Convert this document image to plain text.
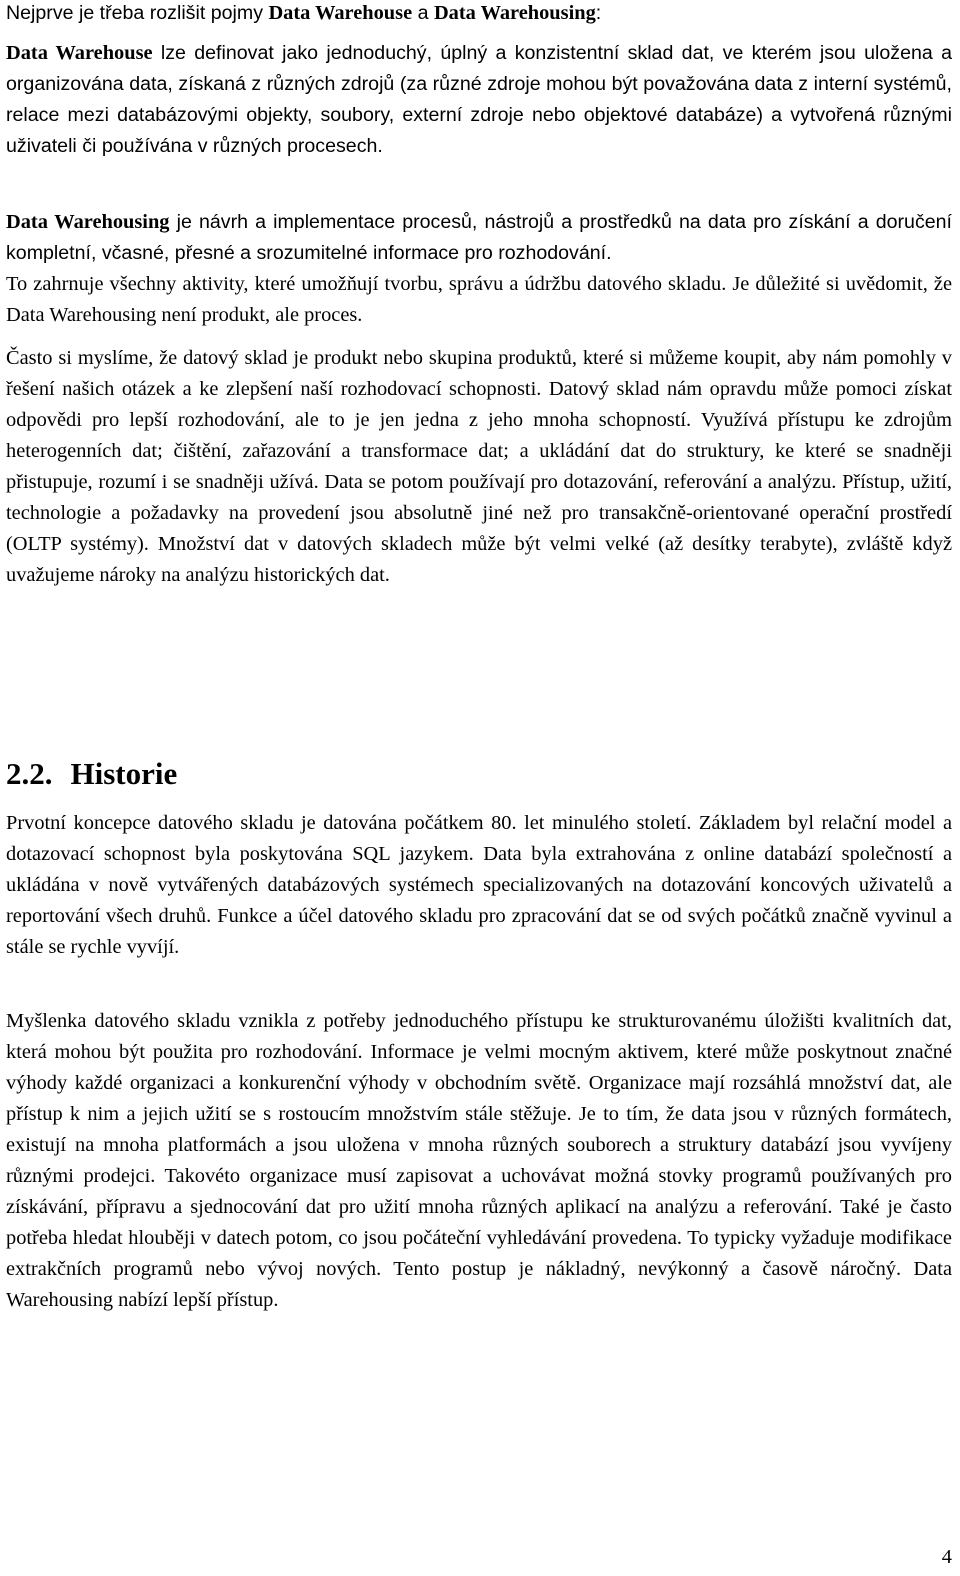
Nejprve je třeba rozlišit pojmy Data Warehouse a Data Warehousing:

Data Warehouse lze definovat jako jednoduchý, úplný a konzistentní sklad dat, ve kterém jsou uložena a organizována data, získaná z různých zdrojů (za různé zdroje mohou být považována data z interní systémů, relace mezi databázovými objekty, soubory, externí zdroje nebo objektové databáze) a vytvořená různými uživateli či používána v různých procesech.

Data Warehousing je návrh a implementace procesů, nástrojů a prostředků na data pro získání a doručení kompletní, včasné, přesné a srozumitelné informace pro rozhodování.

To zahrnuje všechny aktivity, které umožňují tvorbu, správu a údržbu datového skladu. Je důležité si uvědomit, že Data Warehousing není produkt, ale proces.

Často si myslíme, že datový sklad je produkt nebo skupina produktů, které si můžeme koupit, aby nám pomohly v řešení našich otázek a ke zlepšení naší rozhodovací schopnosti. Datový sklad nám opravdu může pomoci získat odpovědi pro lepší rozhodování, ale to je jen jedna z jeho mnoha schopností. Využívá přístupu ke zdrojům heterogenních dat; čištění, zařazování a transformace dat; a ukládání dat do struktury, ke které se snadněji přistupuje, rozumí i se snadněji užívá. Data se potom používají pro dotazování, referování a analýzu. Přístup, užití, technologie a požadavky na provedení jsou absolutně jiné než pro transakčně-orientované operační prostředí (OLTP systémy). Množství dat v datových skladech může být velmi velké (až desítky terabyte), zvláště když uvažujeme nároky na analýzu historických dat.

2.2. Historie

Prvotní koncepce datového skladu je datována počátkem 80. let minulého století. Základem byl relační model a dotazovací schopnost byla poskytována SQL jazykem. Data byla extrahována z online databází společností a ukládána v nově vytvářených databázových systémech specializovaných na dotazování koncových uživatelů a reportování všech druhů. Funkce a účel datového skladu pro zpracování dat se od svých počátků značně vyvinul a stále se rychle vyvíjí.

Myšlenka datového skladu vznikla z potřeby jednoduchého přístupu ke strukturovanému úložišti kvalitních dat, která mohou být použita pro rozhodování. Informace je velmi mocným aktivem, které může poskytnout značné výhody každé organizaci a konkurenční výhody v obchodním světě. Organizace mají rozsáhlá množství dat, ale přístup k nim a jejich užití se s rostoucím množstvím stále stěžuje. Je to tím, že data jsou v různých formátech, existují na mnoha platformách a jsou uložena v mnoha různých souborech a struktury databází jsou vyvíjeny různými prodejci. Takovéto organizace musí zapisovat a uchovávat možná stovky programů používaných pro získávání, přípravu a sjednocování dat pro užití mnoha různých aplikací na analýzu a referování. Také je často potřeba hledat hlouběji v datech potom, co jsou počáteční vyhledávání provedena. To typicky vyžaduje modifikace extrakčních programů nebo vývoj nových. Tento postup je nákladný, nevýkonný a časově náročný. Data Warehousing nabízí lepší přístup.

4
